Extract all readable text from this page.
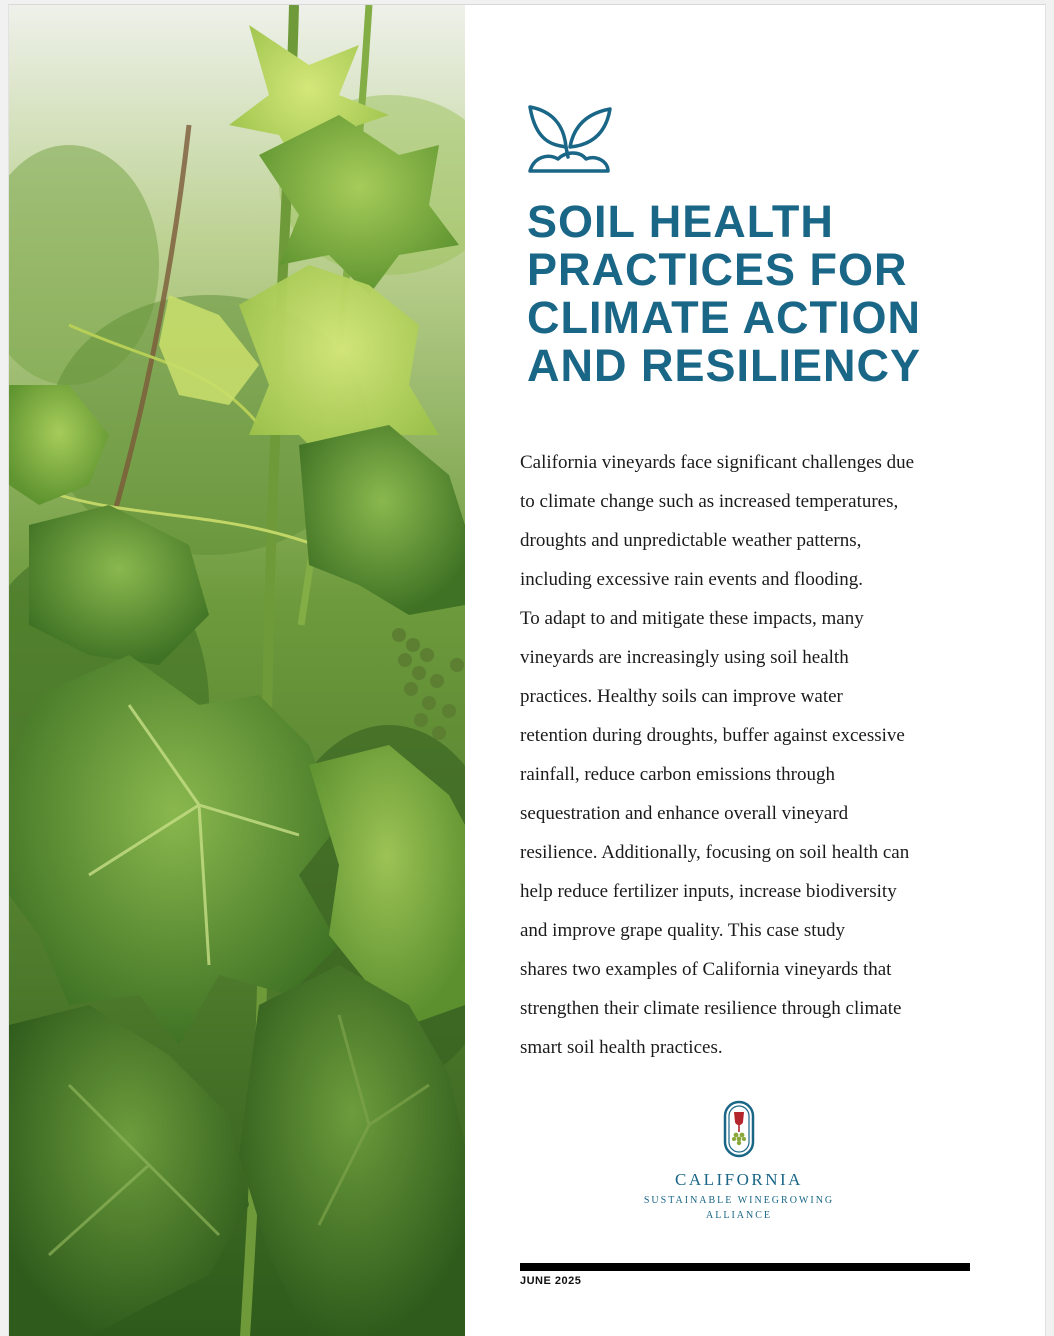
SOIL HEALTH
PRACTICES FOR
CLIMATE ACTION
AND RESILIENCY

California vineyards face significant challenges due
to climate change such as increased temperatures,
droughts and unpredictable weather patterns,
including excessive rain events and flooding.
To adapt to and mitigate these impacts, many
vineyards are increasingly using soil health
practices. Healthy soils can improve water
retention during droughts, buffer against excessive
rainfall, reduce carbon emissions through
sequestration and enhance overall vineyard
resilience. Additionally, focusing on soil health can
help reduce fertilizer inputs, increase biodiversity
and improve grape quality. This case study
shares two examples of California vineyards that
strengthen their climate resilience through climate
smart soil health practices.

CALIFORNIA
SUSTAINABLE WINEGROWING
ALLIANCE
JUNE 2025
